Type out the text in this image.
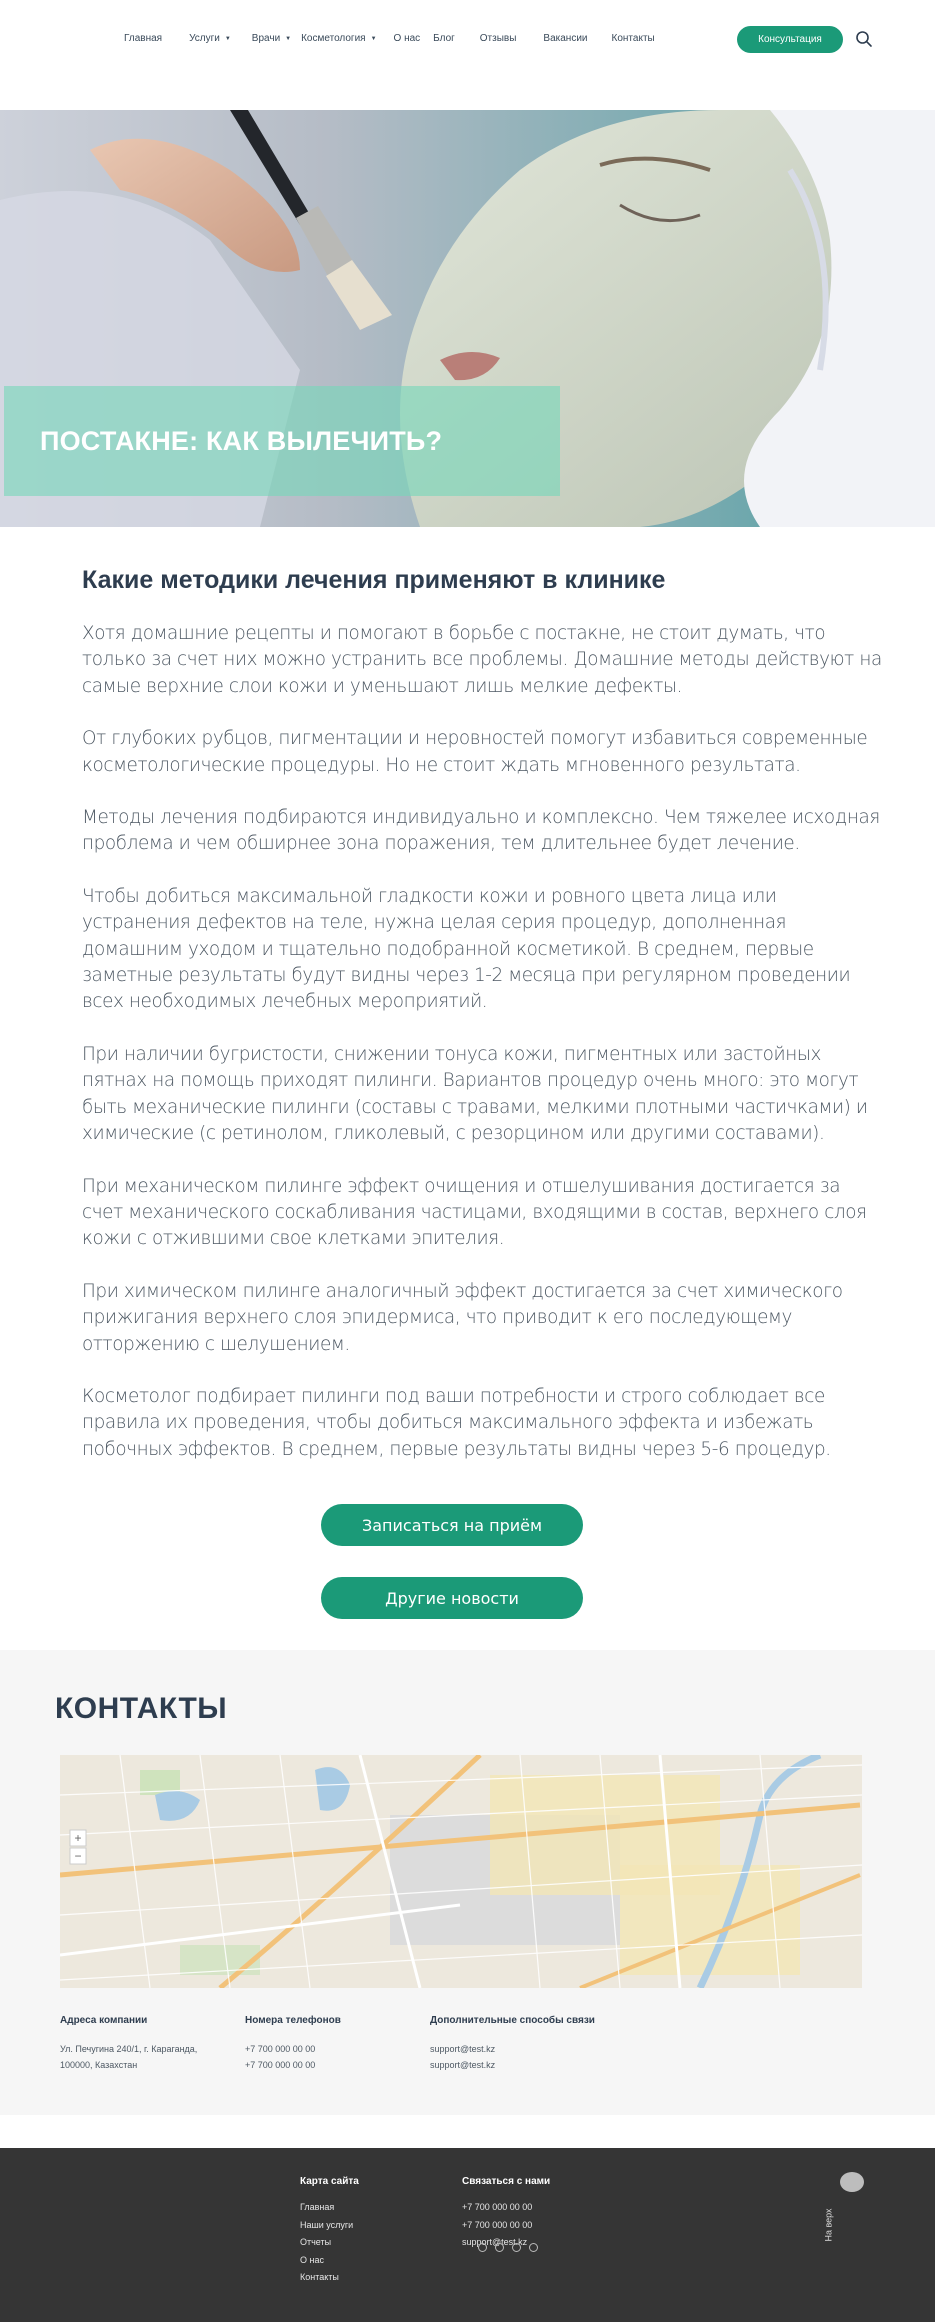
Главная	Услуги ▼ Врачи ▼ Косметология ▼ О нас Блог	Отзывы	Вакансии Контакты	Консультация
ПОСТАКНЕ: КАК ВЫЛЕЧИТЬ?
Какие методики лечения применяют в клинике

Хотя домашние рецепты и помогают в борьбе с постакне, не стоит думать, что только за счет них можно устранить все проблемы. Домашние методы действуют на самые верхние слои кожи и уменьшают лишь мелкие дефекты.

От глубоких рубцов, пигментации и неровностей помогут избавиться современные косметологические процедуры. Но не стоит ждать мгновенного результата.

Методы лечения подбираются индивидуально и комплексно. Чем тяжелее исходная проблема и чем обширнее зона поражения, тем длительнее будет лечение.

Чтобы добиться максимальной гладкости кожи и ровного цвета лица или устранения дефектов на теле, нужна целая серия процедур, дополненная домашним уходом и тщательно подобранной косметикой. В среднем, первые заметные результаты будут видны через 1-2 месяца при регулярном проведении всех необходимых лечебных мероприятий.

При наличии бугристости, снижении тонуса кожи, пигментных или застойных пятнах на помощь приходят пилинги. Вариантов процедур очень много: это могут быть механические пилинги (составы с травами, мелкими плотными частичками) и химические (с ретинолом, гликолевый, с резорцином или другими составами).

При механическом пилинге эффект очищения и отшелушивания достигается за счет механического соскабливания частицами, входящими в состав, верхнего слоя кожи с отжившими свое клетками эпителия.

При химическом пилинге аналогичный эффект достигается за счет химического прижигания верхнего слоя эпидермиса, что приводит к его последующему отторжению с шелушением.

Косметолог подбирает пилинги под ваши потребности и строго соблюдает все правила их проведения, чтобы добиться максимального эффекта и избежать побочных эффектов. В среднем, первые результаты видны через 5-6 процедур.

Записаться на приём
Другие новости
КОНТАКТЫ
+
−
Адреса компании
Ул. Печугина 240/1, г. Караганда,
100000, Казахстан
Номера телефонов
+7 700 000 00 00
+7 700 000 00 00
Дополнительные способы связи
support@test.kz
support@test.kz
Карта сайта
Главная
Наши услуги
Отчеты
О нас
Контакты
Связаться с нами
+7 700 000 00 00
+7 700 000 00 00
support@test.kz
На верх
